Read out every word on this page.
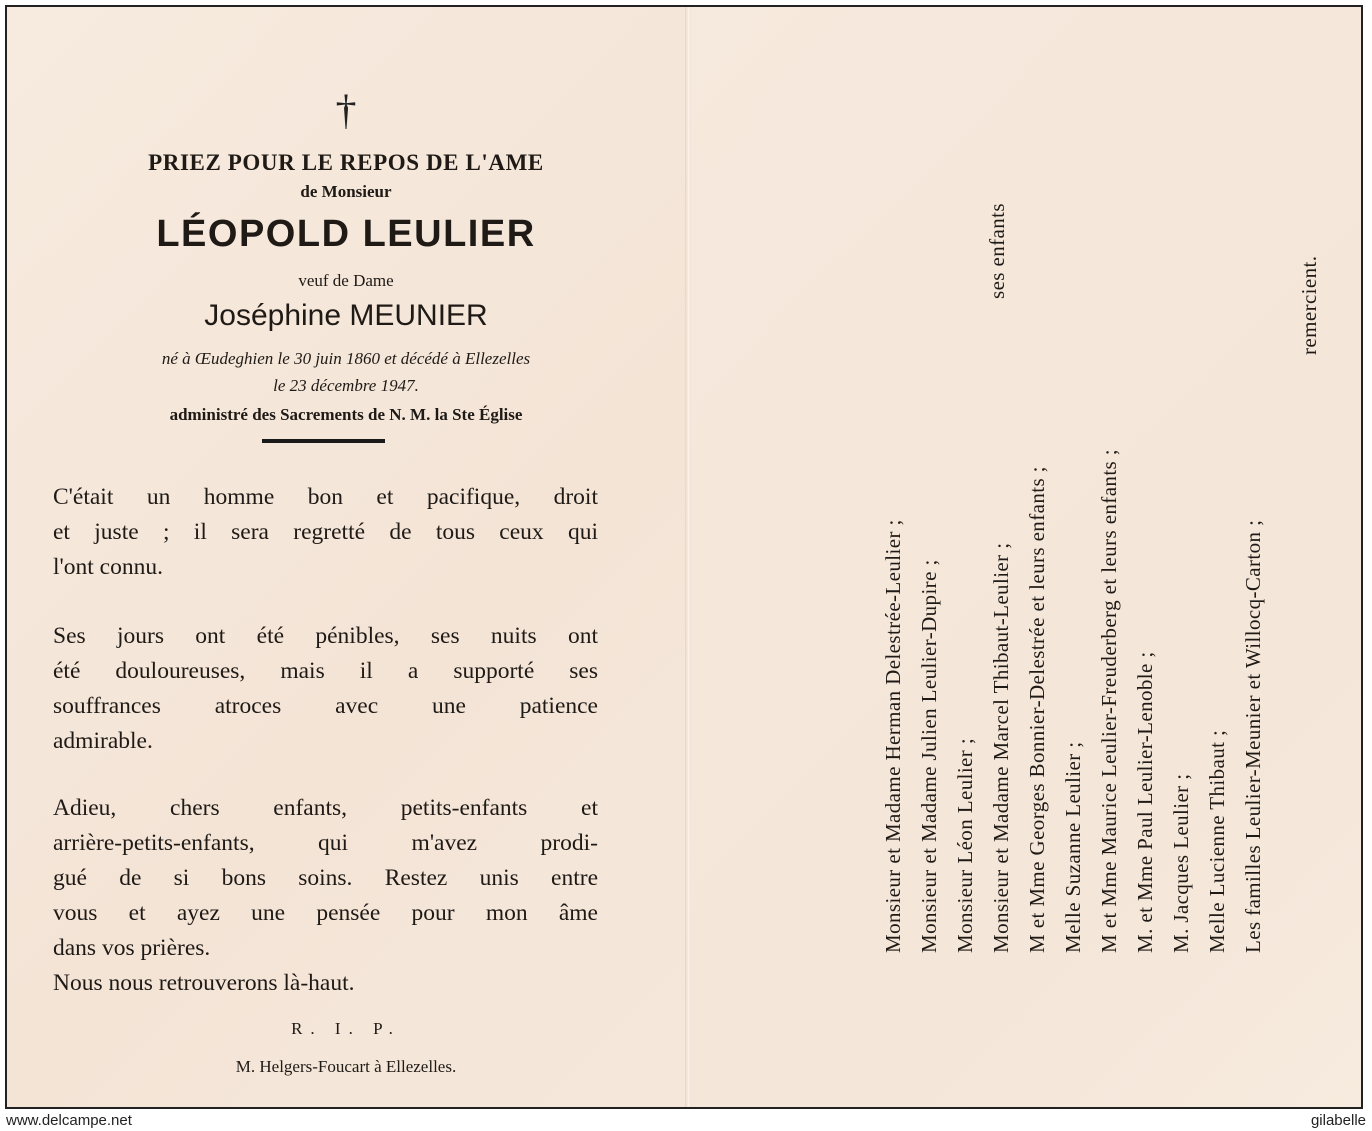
†
PRIEZ POUR LE REPOS DE L'AME
de Monsieur
LÉOPOLD LEULIER
veuf de Dame
Joséphine MEUNIER
né à Œudeghien le 30 juin 1860 et décédé à Ellezelles
le 23 décembre 1947.
administré des Sacrements de N. M. la Ste Église
C'était un homme bon et pacifique, droit
et juste ; il sera regretté de tous ceux qui
l'ont connu.
Ses jours ont été pénibles, ses nuits ont
été douloureuses, mais il a supporté ses
souffrances atroces avec une patience
admirable.
Adieu, chers enfants, petits-enfants et
arrière-petits-enfants, qui m'avez prodi-
gué de si bons soins. Restez unis entre
vous et ayez une pensée pour mon âme
dans vos prières.
Nous nous retrouverons là-haut.
R. I. P.
M. Helgers-Foucart à Ellezelles.
Monsieur et Madame Herman Delestrée-Leulier ; Monsieur et Madame Julien Leulier-Dupire ; Monsieur Léon Leulier ; Monsieur et Madame Marcel Thibaut-Leulier ; M et Mme Georges Bonnier-Delestrée et leurs enfants ; Melle Suzanne Leulier ; M et Mme Maurice Leulier-Freuderberg et leurs enfants ; M. et Mme Paul Leulier-Lenoble ; M. Jacques Leulier ; Melle Lucienne Thibaut ; Les familles Leulier-Meunier et Willocq-Carton ;
ses enfants
remercient.
www.delcampe.net	gilabelle
